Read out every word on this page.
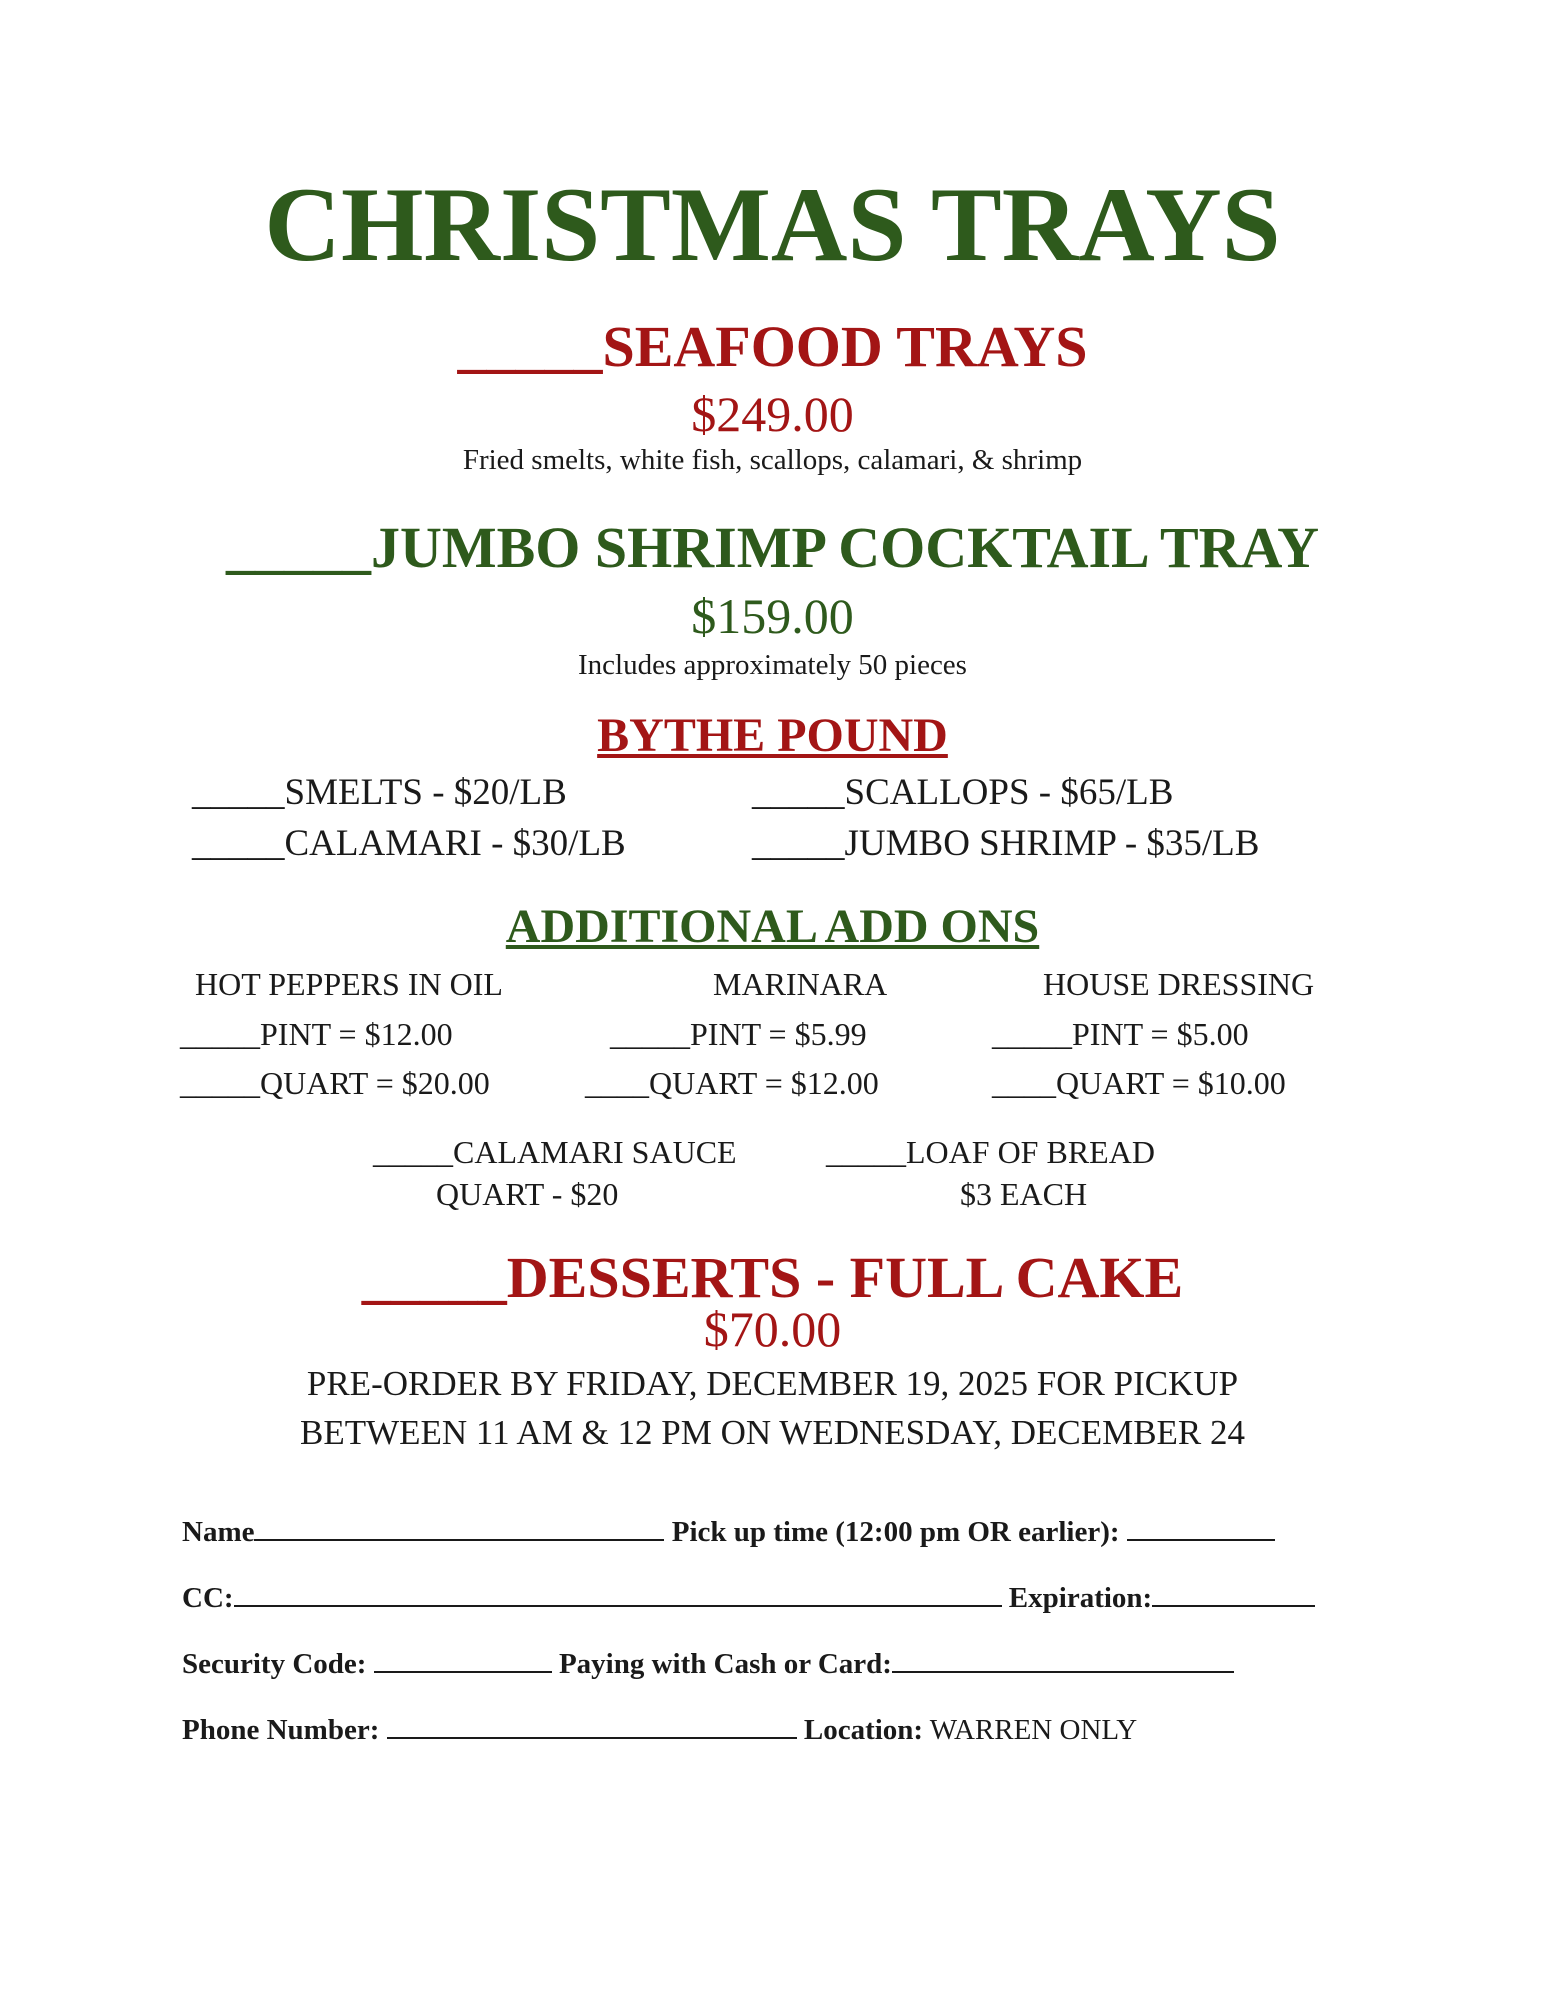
CHRISTMAS TRAYS
_____SEAFOOD TRAYS
$249.00
Fried smelts, white fish, scallops, calamari, & shrimp
_____JUMBO SHRIMP COCKTAIL TRAY
$159.00
Includes approximately 50 pieces
BYTHE POUND
_____SMELTS - $20/LB	_____SCALLOPS - $65/LB
_____CALAMARI - $30/LB	_____JUMBO SHRIMP - $35/LB
ADDITIONAL ADD ONS
HOT PEPPERS IN OIL	MARINARA	HOUSE DRESSING
_____PINT = $12.00	_____PINT = $5.99	_____PINT = $5.00
_____QUART = $20.00	____QUART = $12.00	____QUART = $10.00
_____CALAMARI SAUCE
QUART - $20
_____LOAF OF BREAD
$3 EACH
_____DESSERTS - FULL CAKE
$70.00
PRE-ORDER BY FRIDAY, DECEMBER 19, 2025 FOR PICKUP
BETWEEN 11 AM & 12 PM ON WEDNESDAY, DECEMBER 24
Name	Pick up time (12:00 pm OR earlier):
CC:	Expiration:
Security Code:	Paying with Cash or Card:
Phone Number:	Location: WARREN ONLY
